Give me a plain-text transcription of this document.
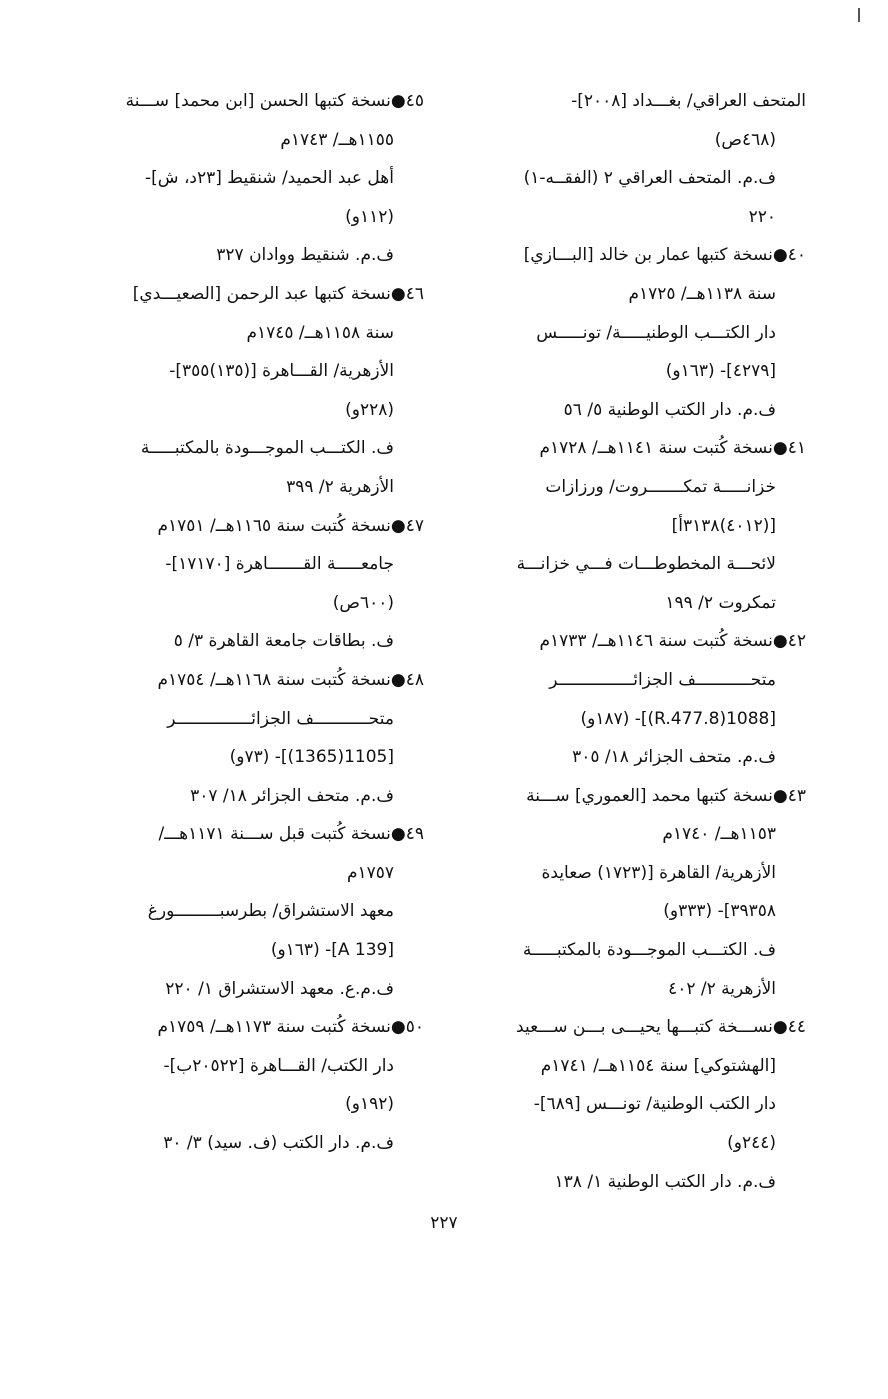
٤٥●نسخة كتبها الحسن [ابن محمد] ســـنة
١١٥٥هــ/ ١٧٤٣م
أهل عبد الحميد/ شنقيط [٢٣د، ش]-
(١١٢و)
ف.م. شنقيط ووادان ٣٢٧
٤٦●نسخة كتبها عبد الرحمن [الصعيـــدي]
سنة ١١٥٨هــ/ ١٧٤٥م
الأزهرية/ القـــاهرة [(١٣٥)٣٥٥]-
(٢٢٨و)
ف. الكتـــب الموجـــودة بالمكتبـــــة
الأزهرية ٢/ ٣٩٩
٤٧●نسخة كُتبت سنة ١١٦٥هــ/ ١٧٥١م
جامعـــــة القـــــــاهرة [١٧١٧٠]-
(٦٠٠ص)
ف. بطاقات جامعة القاهرة ٣/ ٥
٤٨●نسخة كُتبت سنة ١١٦٨هــ/ ١٧٥٤م
متحـــــــــــف الجزائـــــــــــــــر
[1105(1365)]- (٧٣و)
ف.م. متحف الجزائر ١٨/ ٣٠٧
٤٩●نسخة كُتبت قبل ســـنة ١١٧١هـــ/
١٧٥٧م
معهد الاستشراق/ بطرسبـــــــــورغ
[A 139]- (١٦٣و)
ف.م.ع. معهد الاستشراق ١/ ٢٢٠
٥٠●نسخة كُتبت سنة ١١٧٣هــ/ ١٧٥٩م
دار الكتب/ القـــاهرة [٢٠٥٢٢ب]-
(١٩٢و)
ف.م. دار الكتب (ف. سيد) ٣/ ٣٠
المتحف العراقي/ بغـــداد [٢٠٠٨]-
(٤٦٨ص)
ف.م. المتحف العراقي ٢ (الفقــه-١)
٢٢٠
٤٠●نسخة كتبها عمار بن خالد [البـــازي]
سنة ١١٣٨هــ/ ١٧٢٥م
دار الكتـــب الوطنيـــــة/ تونـــــس
[٤٢٧٩]- (١٦٣و)
ف.م. دار الكتب الوطنية ٥/ ٥٦
٤١●نسخة كُتبت سنة ١١٤١هــ/ ١٧٢٨م
خزانـــــة تمكـــــــروت/ ورزازات
[(٤٠١٢)٣١٣٨أ]
لائحـــة المخطوطـــات فـــي خزانـــة
تمكروت ٢/ ١٩٩
٤٢●نسخة كُتبت سنة ١١٤٦هــ/ ١٧٣٣م
متحـــــــــــف الجزائـــــــــــــــر
[1088(8.R.477)]- (١٨٧و)
ف.م. متحف الجزائر ١٨/ ٣٠٥
٤٣●نسخة كتبها محمد [العموري] ســـنة
١١٥٣هــ/ ١٧٤٠م
الأزهرية/ القاهرة [(١٧٢٣) صعايدة
٣٩٣٥٨]- (٣٣٣و)
ف. الكتـــب الموجـــودة بالمكتبـــــة
الأزهرية ٢/ ٤٠٢
٤٤●نســـخة كتبـــها يحيـــى بـــن ســـعيد
[الهشتوكي] سنة ١١٥٤هــ/ ١٧٤١م
دار الكتب الوطنية/ تونـــس [٦٨٩]-
(٢٤٤و)
ف.م. دار الكتب الوطنية ١/ ١٣٨
٢٢٧
